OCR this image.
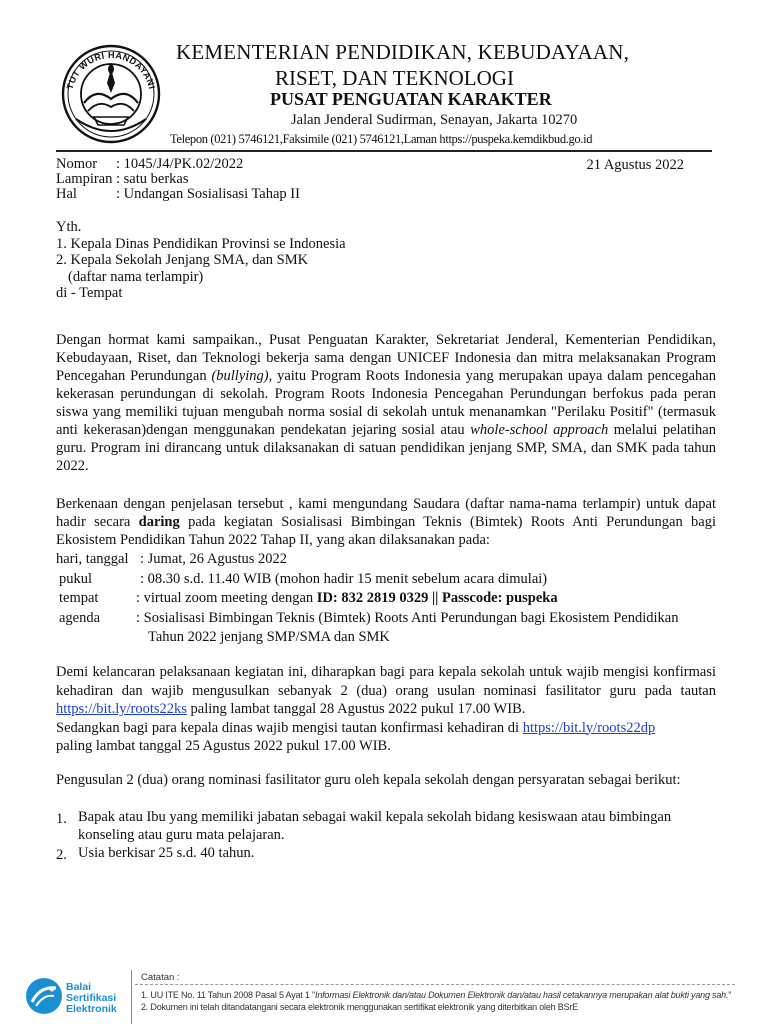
TUT WURI HANDAYANI
KEMENTERIAN PENDIDIKAN, KEBUDAYAAN,
RISET, DAN TEKNOLOGI
PUSAT PENGUATAN KARAKTER
Jalan Jenderal Sudirman, Senayan, Jakarta 10270
Telepon (021) 5746121,Faksimile (021) 5746121,Laman https://puspeka.kemdikbud.go.id
Nomor : 1045/J4/PK.02/2022
Lampiran : satu berkas
Hal	: Undangan Sosialisasi Tahap II
21 Agustus 2022
Yth.
1. Kepala Dinas Pendidikan Provinsi se Indonesia
2. Kepala Sekolah Jenjang SMA, dan SMK
(daftar nama terlampir)
di - Tempat

Dengan hormat kami sampaikan., Pusat Penguatan Karakter, Sekretariat Jenderal, Kementerian Pendidikan, Kebudayaan, Riset, dan Teknologi bekerja sama dengan UNICEF Indonesia dan mitra melaksanakan Program Pencegahan Perundungan (bullying), yaitu Program Roots Indonesia yang merupakan upaya dalam pencegahan kekerasan perundungan di sekolah. Program Roots Indonesia Pencegahan Perundungan berfokus pada peran siswa yang memiliki tujuan mengubah norma sosial di sekolah untuk menanamkan "Perilaku Positif" (termasuk anti kekerasan)dengan menggunakan pendekatan jejaring sosial atau whole-school approach melalui pelatihan guru. Program ini dirancang untuk dilaksanakan di satuan pendidikan jenjang SMP, SMA, dan SMK pada tahun 2022.

Berkenaan dengan penjelasan tersebut , kami mengundang Saudara (daftar nama-nama terlampir) untuk dapat hadir secara daring pada kegiatan Sosialisasi Bimbingan Teknis (Bimtek) Roots Anti Perundungan bagi Ekosistem Pendidikan Tahun 2022 Tahap II, yang akan dilaksanakan pada:

hari, tanggal : Jumat, 26 Agustus 2022
pukul	: 08.30 s.d. 11.40 WIB (mohon hadir 15 menit sebelum acara dimulai)
tempat	: virtual zoom meeting dengan ID: 832 2819 0329 || Passcode: puspeka
agenda : Sosialisasi Bimbingan Teknis (Bimtek) Roots Anti Perundungan bagi Ekosistem Pendidikan
Tahun 2022 jenjang SMP/SMA dan SMK

Demi kelancaran pelaksanaan kegiatan ini, diharapkan bagi para kepala sekolah untuk wajib mengisi konfirmasi kehadiran dan wajib mengusulkan sebanyak 2 (dua) orang usulan nominasi fasilitator guru pada tautan https://bit.ly/roots22ks paling lambat tanggal 28 Agustus 2022 pukul 17.00 WIB.

Sedangkan bagi para kepala dinas wajib mengisi tautan konfirmasi kehadiran di https://bit.ly/roots22dp

paling lambat tanggal 25 Agustus 2022 pukul 17.00 WIB.

Pengusulan 2 (dua) orang nominasi fasilitator guru oleh kepala sekolah dengan persyaratan sebagai berikut:

1. Bapak atau Ibu yang memiliki jabatan sebagai wakil kepala sekolah bidang kesiswaan atau bimbingan konseling atau guru mata pelajaran.
2. Usia berkisar 25 s.d. 40 tahun.
Balai
Sertifikasi
Elektronik
Catatan :
1. UU ITE No. 11 Tahun 2008 Pasal 5 Ayat 1 "Informasi Elektronik dan/atau Dokumen Elektronik dan/atau hasil cetakannya merupakan alat bukti yang sah."
2. Dokumen ini telah ditandatangani secara elektronik menggunakan sertifikat elektronik yang diterbitkan oleh BSrE
